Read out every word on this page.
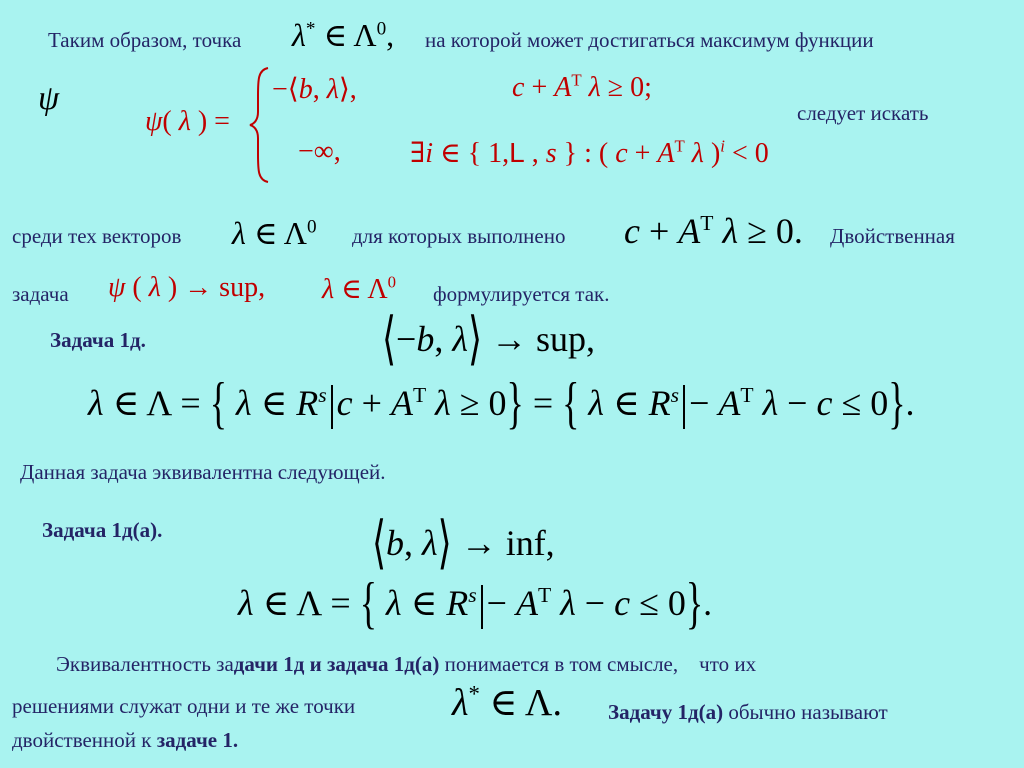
Таким образом, точка λ* ∈ $\Lambda^0$, на которой может достигаться максимум функции
ψ
ψ( λ ) =
−⟨b, λ⟩,	$c + A^T$ λ ≥ 0;
−∞, ∃i ∈ { 1,L , s } : ( $c + A^T$ λ )$^i$ < 0
следует искать
среди тех векторов λ ∈ $\Lambda^0$ для которых выполнено $c + A^T$ λ ≥ 0. Двойственная
задача ψ ( λ ) → sup, λ ∈ $\Lambda^0$ формулируется так.
Задача 1д.	⟨−b, λ⟩ → sup,
λ ∈ Λ = { λ ∈ $R^s$ $c + A^T$ λ ≥ 0} = { λ ∈ $R^s - A^T$ λ − c ≤ 0}.
Данная задача эквивалентна следующей.
Задача 1д(а).	⟨b, λ⟩ → inf,
λ ∈ Λ = { λ ∈ $R^s - A^T$ λ − c ≤ 0}.
Эквивалентность задачи 1д и задача 1д(а) понимается в том смысле, что их
решениями служат одни и те же точки	λ* ∈ Λ. Задачу 1д(а) обычно называют
двойственной к задаче 1.
